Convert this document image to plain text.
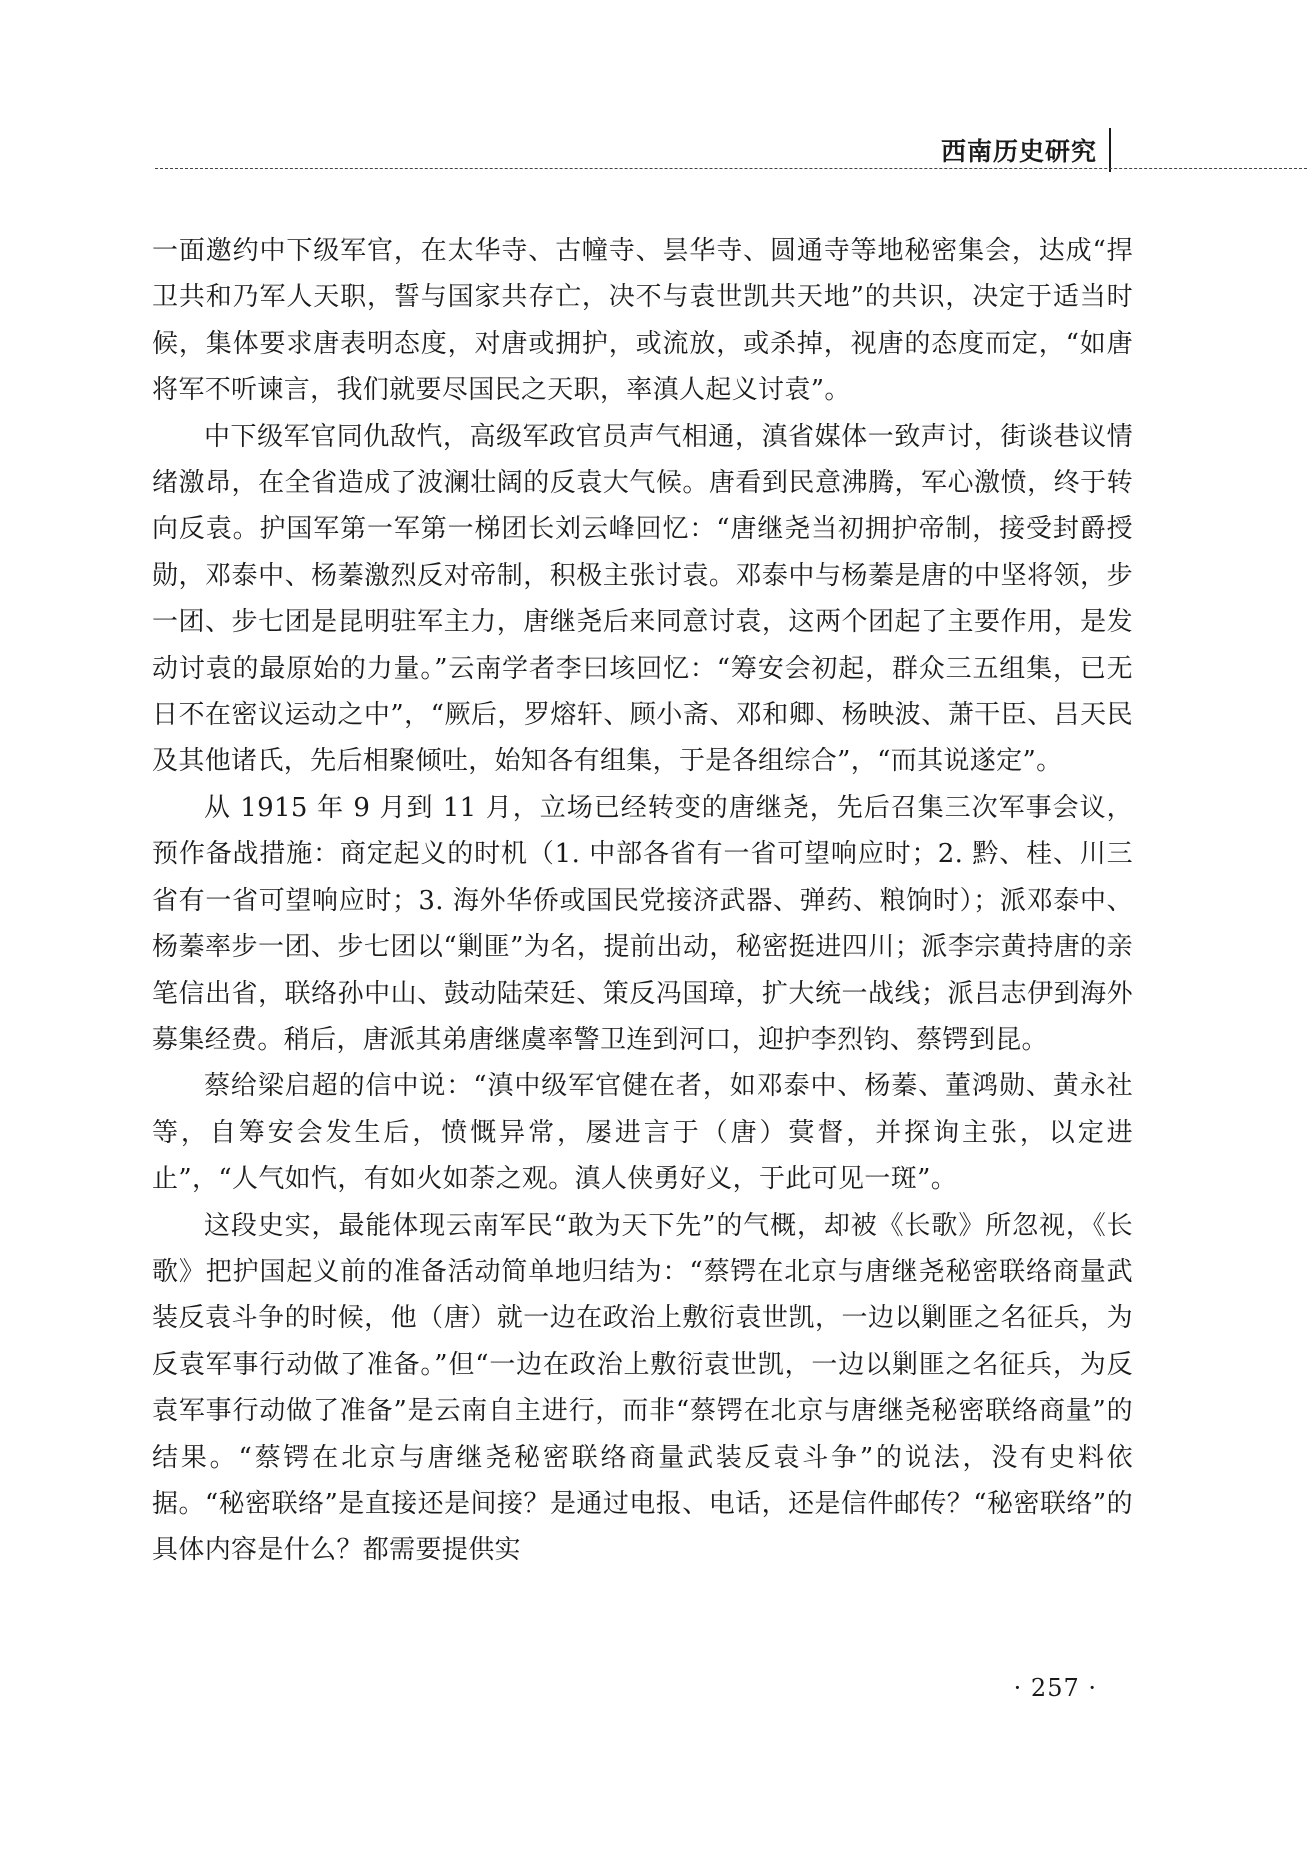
西南历史研究

一面邀约中下级军官，在太华寺、古幢寺、昙华寺、圆通寺等地秘密集会，达成“捍卫共和乃军人天职，誓与国家共存亡，决不与袁世凯共天地”的共识，决定于适当时候，集体要求唐表明态度，对唐或拥护，或流放，或杀掉，视唐的态度而定，“如唐将军不听谏言，我们就要尽国民之天职，率滇人起义讨袁”。

中下级军官同仇敌忾，高级军政官员声气相通，滇省媒体一致声讨，街谈巷议情绪激昂，在全省造成了波澜壮阔的反袁大气候。唐看到民意沸腾，军心激愤，终于转向反袁。护国军第一军第一梯团长刘云峰回忆：“唐继尧当初拥护帝制，接受封爵授勋，邓泰中、杨蓁激烈反对帝制，积极主张讨袁。邓泰中与杨蓁是唐的中坚将领，步一团、步七团是昆明驻军主力，唐继尧后来同意讨袁，这两个团起了主要作用，是发动讨袁的最原始的力量。”云南学者李曰垓回忆：“筹安会初起，群众三五组集，已无日不在密议运动之中”，“厥后，罗熔轩、顾小斋、邓和卿、杨映波、萧干臣、吕天民及其他诸氏，先后相聚倾吐，始知各有组集，于是各组综合”，“而其说遂定”。

从 1915 年 9 月到 11 月，立场已经转变的唐继尧，先后召集三次军事会议，预作备战措施：商定起义的时机（1. 中部各省有一省可望响应时；2. 黔、桂、川三省有一省可望响应时；3. 海外华侨或国民党接济武器、弹药、粮饷时）；派邓泰中、杨蓁率步一团、步七团以“剿匪”为名，提前出动，秘密挺进四川；派李宗黄持唐的亲笔信出省，联络孙中山、鼓动陆荣廷、策反冯国璋，扩大统一战线；派吕志伊到海外募集经费。稍后，唐派其弟唐继虞率警卫连到河口，迎护李烈钧、蔡锷到昆。

蔡给梁启超的信中说：“滇中级军官健在者，如邓泰中、杨蓁、董鸿勋、黄永社等，自筹安会发生后，愤慨异常，屡进言于（唐）蓂督，并探询主张，以定进止”，“人气如忾，有如火如荼之观。滇人侠勇好义，于此可见一斑”。

这段史实，最能体现云南军民“敢为天下先”的气概，却被《长歌》所忽视，《长歌》把护国起义前的准备活动简单地归结为：“蔡锷在北京与唐继尧秘密联络商量武装反袁斗争的时候，他（唐）就一边在政治上敷衍袁世凯，一边以剿匪之名征兵，为反袁军事行动做了准备。”但“一边在政治上敷衍袁世凯，一边以剿匪之名征兵，为反袁军事行动做了准备”是云南自主进行，而非“蔡锷在北京与唐继尧秘密联络商量”的结果。“蔡锷在北京与唐继尧秘密联络商量武装反袁斗争”的说法，没有史料依据。“秘密联络”是直接还是间接？是通过电报、电话，还是信件邮传？“秘密联络”的具体内容是什么？都需要提供实

· 257 ·
